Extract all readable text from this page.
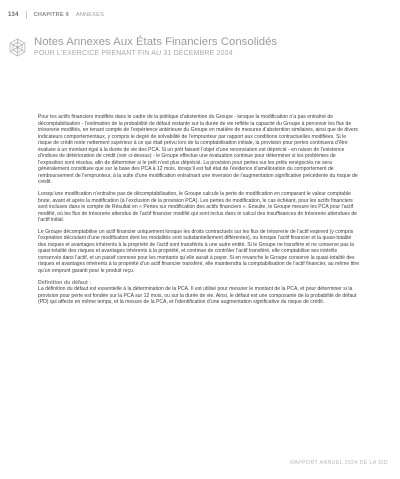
134	CHAPITRE 9 ANNEXES
Notes Annexes Aux États Financiers Consolidés
POUR L’EXERCICE PRENANT FIN AU 31 DÉCEMBRE 2024

Pour les actifs financiers modifiés dans le cadre de la politique d’abstention du Groupe - lorsque la modification n’a pas entraîné de décomptabilisation - l’estimation de la probabilité de défaut restante sur la durée de vie reflète la capacité du Groupe à percevoir les flux de trésorerie modifiés, en tenant compte de l’expérience antérieure du Groupe en matière de mesures d’abstention similaires, ainsi que de divers indicateurs comportementaux, y compris le degré de solvabilité de l’emprunteur par rapport aux conditions contractuelles modifiées. Si le risque de crédit reste nettement supérieur à ce qui était prévu lors de la comptabilisation initiale, la provision pour pertes continuera d’être évaluée à un montant égal à la durée de vie des PCA. Si un prêt faisant l’objet d’une renonciation est déprécié - en raison de l’existence d’indices de détérioration de crédit (voir ci-dessus) - le Groupe effectue une évaluation continue pour déterminer si les problèmes de l’exposition sont résolus, afin de déterminer si le prêt n’est plus déprécié. La provision pour pertes sur les prêts renégociés ne sera généralement constituée que sur la base des PCA à 12 mois, lorsqu’il est fait état de l’évidence d’amélioration du comportement de remboursement de l’emprunteur, à la suite d’une modification entraînant une inversion de l’augmentation significative précédente du risque de crédit.

Lorsqu’une modification n’entraîne pas de décomptabilisation, le Groupe calcule la perte de modification en comparant le valeur comptable brute, avant et après la modification (à l’exclusion de la provision PCA). Les pertes de modification, le cas échéant, pour les actifs financiers sont incluses dans le compte de Résultat en « Pertes sur modification des actifs financiers ». Ensuite, le Groupe mesure les PCA pour l’actif modifié, où les flux de trésorerie attendus de l’actif financier modifié qui sont inclus dans le calcul des insuffisances de trésorerie attendues de l’actif initial.

Le Groupe décomptabilise un actif financier uniquement lorsque les droits contractuels sur les flux de trésorerie de l’actif expirent (y compris l’expiration découlant d’une modification dont les modalités sont substantiellement différentes), ou lorsque l’actif financier et la quasi-totalité des risques et avantages inhérents à la propriété de l’actif sont transférés à une autre entité. Si le Groupe ne transfère et ne conserve pas la quasi-totalité des risques et avantages inhérents à la propriété, et continue de contrôler l’actif transféré, elle comptabilise ses intérêts conservés dans l’actif, et un passif connexe pour les montants qu’elle aurait à payer. Si en revanche le Groupe conserve la quasi-totalité des risques et avantages inhérents à la propriété d’un actif financier transféré, elle maintiendra la comptabilisation de l’actif financier, au même titre qu’un emprunt garanti pour le produit reçu.

Définition du défaut :

La définition du défaut est essentielle à la détermination de la PCA. Il est utilisé pour mesurer le montant de la PCA, et pour déterminer si la provision pour perte est fondée sur la PCA sur 12 mois, ou sur la durée de vie. Ainsi, le défaut est une composante de la probabilité de défaut (PD) qui affecte en même temps, et la mesure de la PCA, et l’identification d’une augmentation significative du risque de crédit.

RAPPORT ANNUEL 2024 DE LA SID
